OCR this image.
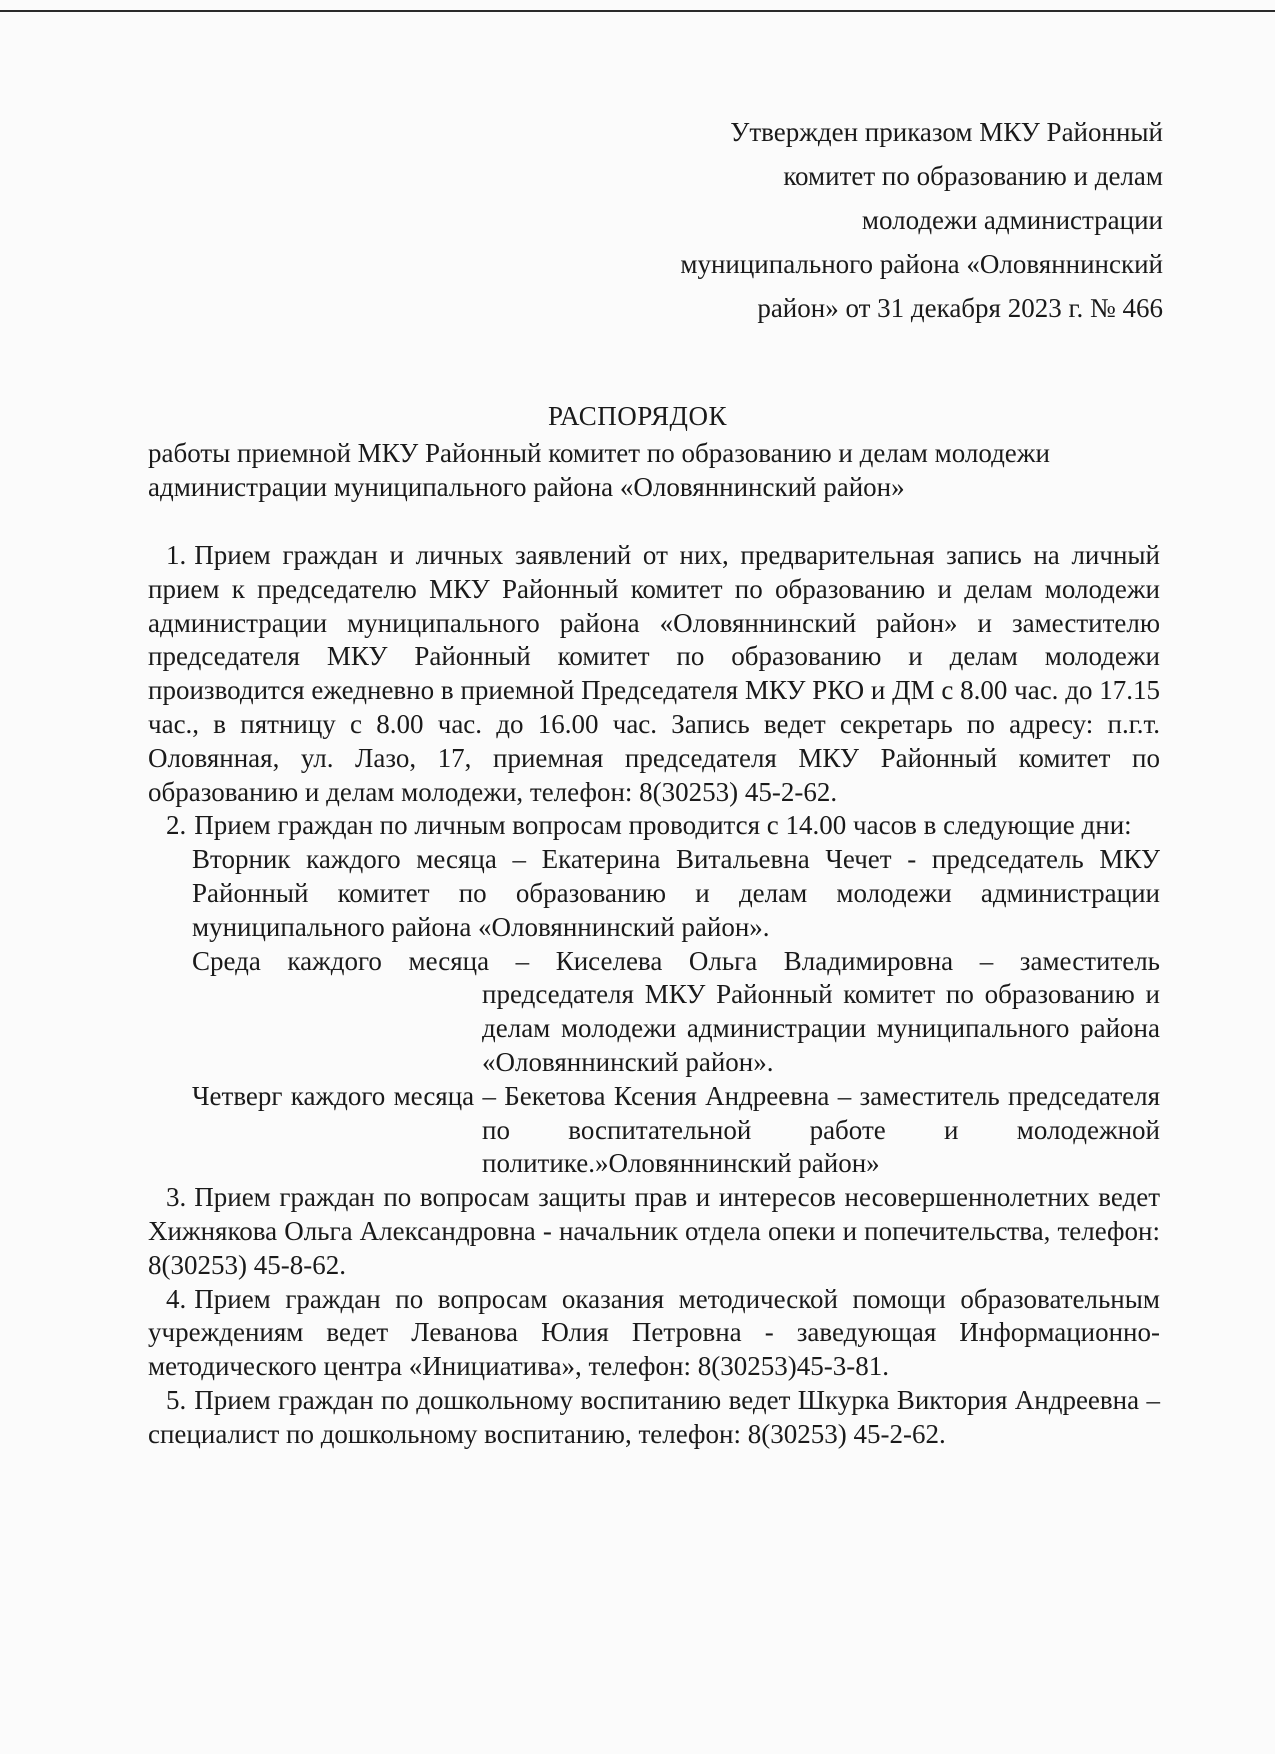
Утвержден приказом МКУ Районный
комитет по образованию и делам
молодежи администрации
муниципального района «Оловяннинский
район» от 31 декабря 2023 г. № 466
РАСПОРЯДОК
работы приемной МКУ Районный комитет по образованию и делам молодежи
администрации муниципального района «Оловяннинский район»

1. Прием граждан и личных заявлений от них, предварительная запись на личный прием к председателю МКУ Районный комитет по образованию и делам молодежи администрации муниципального района «Оловяннинский район» и заместителю председателя МКУ Районный комитет по образованию и делам молодежи производится ежедневно в приемной Председателя МКУ РКО и ДМ с 8.00 час. до 17.15 час., в пятницу с 8.00 час. до 16.00 час. Запись ведет секретарь по адресу: п.г.т. Оловянная, ул. Лазо, 17, приемная председателя МКУ Районный комитет по образованию и делам молодежи, телефон: 8(30253) 45-2-62.

2. Прием граждан по личным вопросам проводится с 14.00 часов в следующие дни:

Вторник каждого месяца – Екатерина Витальевна Чечет - председатель МКУ Районный комитет по образованию и делам молодежи администрации муниципального района «Оловяннинский район».
Среда каждого месяца – Киселева Ольга Владимировна – заместитель председателя МКУ Районный комитет по образованию и делам молодежи администрации муниципального района «Оловяннинский район».
Четверг каждого месяца – Бекетова Ксения Андреевна – заместитель председателя по воспитательной работе и молодежной политике.»Оловяннинский район»

3. Прием граждан по вопросам защиты прав и интересов несовершеннолетних ведет Хижнякова Ольга Александровна - начальник отдела опеки и попечительства, телефон: 8(30253) 45-8-62.

4. Прием граждан по вопросам оказания методической помощи образовательным учреждениям ведет Леванова Юлия Петровна - заведующая Информационно-методического центра «Инициатива», телефон: 8(30253)45-3-81.

5. Прием граждан по дошкольному воспитанию ведет Шкурка Виктория Андреевна – специалист по дошкольному воспитанию, телефон: 8(30253) 45-2-62.
